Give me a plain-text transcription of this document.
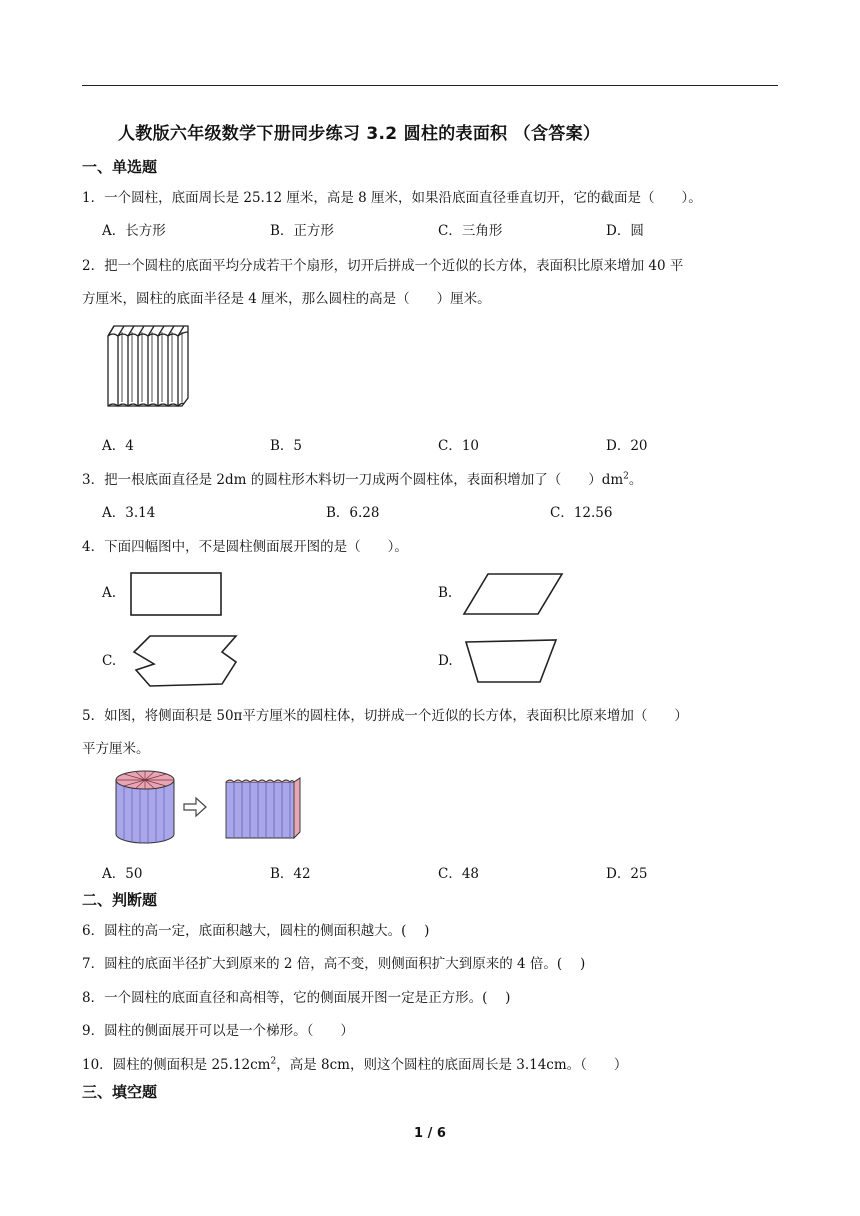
人教版六年级数学下册同步练习 3.2 圆柱的表面积 （含答案）
一、单选题
1．一个圆柱，底面周长是 25.12 厘米，高是 8 厘米，如果沿底面直径垂直切开，它的截面是（　　）。
A．长方形	B．正方形	C．三角形	D．圆
2．把一个圆柱的底面平均分成若干个扇形，切开后拼成一个近似的长方体，表面积比原来增加 40 平
方厘米，圆柱的底面半径是 4 厘米，那么圆柱的高是（　　）厘米。
A．4	B．5	C．10	D．20
3．把一根底面直径是 2dm 的圆柱形木料切一刀成两个圆柱体，表面积增加了（　　）$dm^2$。
A．3.14	B．6.28	C．12.56
4．下面四幅图中，不是圆柱侧面展开图的是（　　）。
A.	B.
C.	D.
5．如图，将侧面积是 50π平方厘米的圆柱体，切拼成一个近似的长方体，表面积比原来增加（　　）
平方厘米。
A．50	B．42	C．48	D．25
二、判断题
6．圆柱的高一定，底面积越大，圆柱的侧面积越大。(　 )
7．圆柱的底面半径扩大到原来的 2 倍，高不变，则侧面积扩大到原来的 4 倍。(　 )
8．一个圆柱的底面直径和高相等，它的侧面展开图一定是正方形。(　 )
9．圆柱的侧面展开可以是一个梯形。（　　）
10．圆柱的侧面积是 $25.12cm^2$，高是 8cm，则这个圆柱的底面周长是 3.14cm。（　　）
三、填空题
1 / 6
